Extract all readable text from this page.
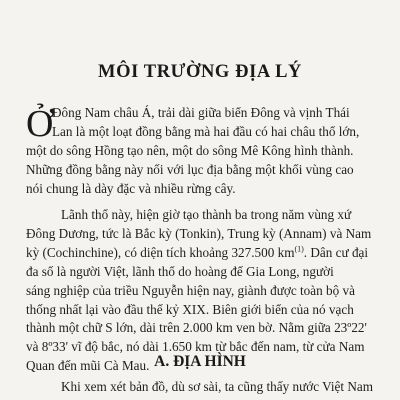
MÔI TRƯỜNG ĐỊA LÝ
Ở
Đông Nam châu Á, trải dài giữa biển Đông và vịnh Thái
Lan là một loạt đồng bằng mà hai đầu có hai châu thổ lớn,
một do sông Hồng tạo nên, một do sông Mê Kông hình thành.
Những đồng bằng này nối với lục địa bằng một khối vùng cao
nói chung là dày đặc và nhiều rừng cây.
Lãnh thổ này, hiện giờ tạo thành ba trong năm vùng xứ
Đông Dương, tức là Bắc kỳ (Tonkin), Trung kỳ (Annam) và Nam
kỳ (Cochinchine), có diện tích khoảng 327.500 km$^{(1)}$. Dân cư đại
đa số là người Việt, lãnh thổ do hoàng đế Gia Long, người
sáng nghiệp của triều Nguyễn hiện nay, giành được toàn bộ và
thống nhất lại vào đầu thế kỷ XIX. Biên giới biển của nó vạch
thành một chữ S lớn, dài trên 2.000 km ven bờ. Nằm giữa 23º22'
và 8º33' vĩ độ bắc, nó dài 1.650 km từ bắc đến nam, từ cửa Nam
Quan đến mũi Cà Mau. A. ĐỊA HÌNH
Khi xem xét bản đồ, dù sơ sài, ta cũng thấy nước Việt Nam
